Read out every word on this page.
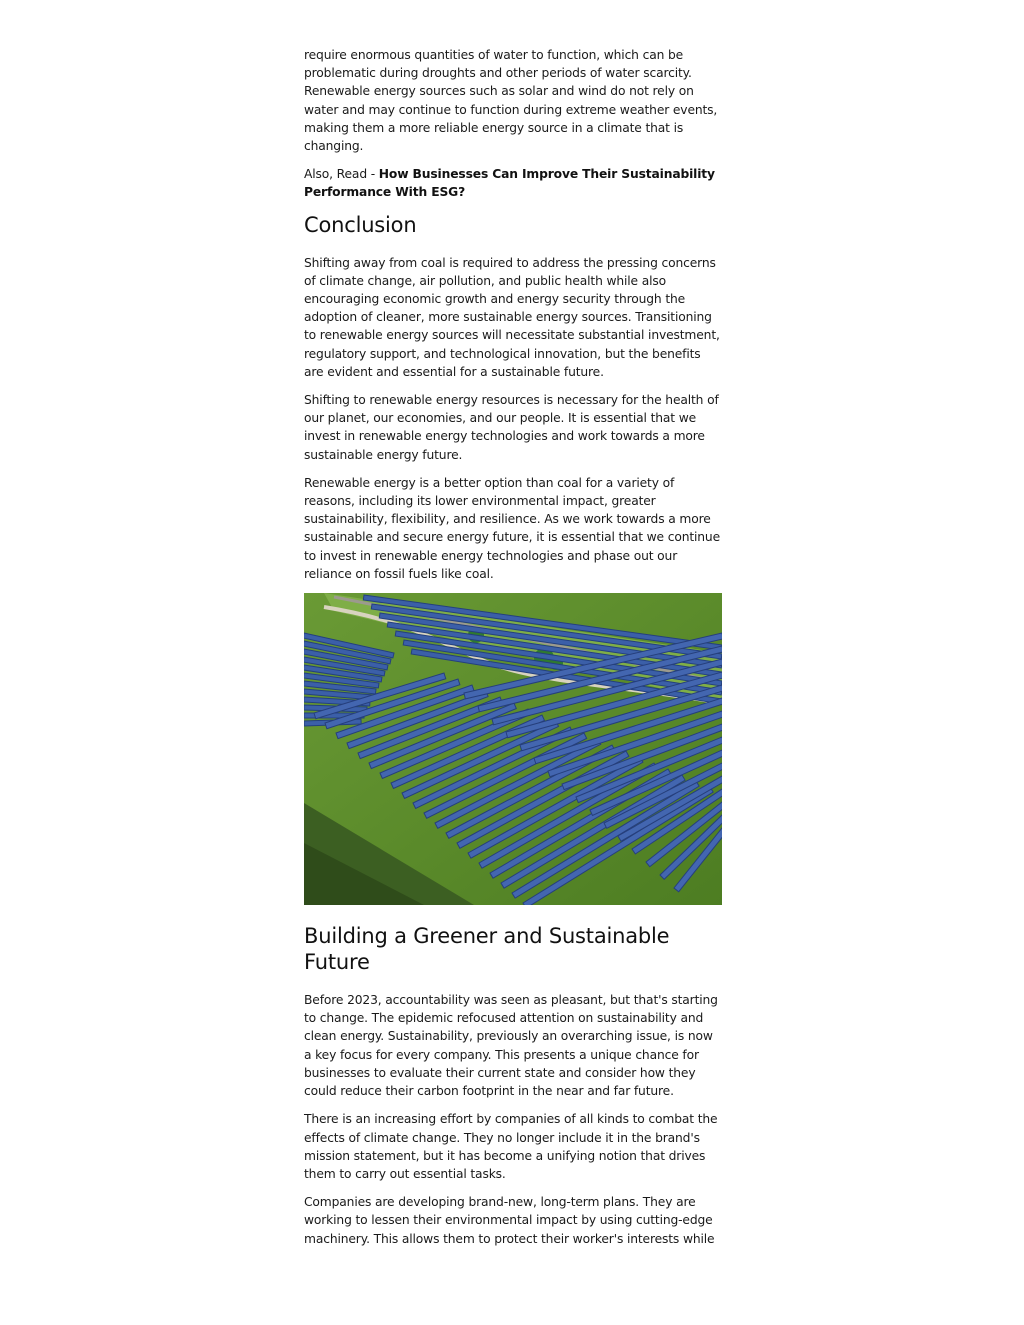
require enormous quantities of water to function, which can be problematic during droughts and other periods of water scarcity. Renewable energy sources such as solar and wind do not rely on water and may continue to function during extreme weather events, making them a more reliable energy source in a climate that is changing.

Also, Read - How Businesses Can Improve Their Sustainability Performance With ESG?

Conclusion

Shifting away from coal is required to address the pressing concerns of climate change, air pollution, and public health while also encouraging economic growth and energy security through the adoption of cleaner, more sustainable energy sources. Transitioning to renewable energy sources will necessitate substantial investment, regulatory support, and technological innovation, but the benefits are evident and essential for a sustainable future.

Shifting to renewable energy resources is necessary for the health of our planet, our economies, and our people. It is essential that we invest in renewable energy technologies and work towards a more sustainable energy future.

Renewable energy is a better option than coal for a variety of reasons, including its lower environmental impact, greater sustainability, flexibility, and resilience. As we work towards a more sustainable and secure energy future, it is essential that we continue to invest in renewable energy technologies and phase out our reliance on fossil fuels like coal.

Building a Greener and Sustainable Future

Before 2023, accountability was seen as pleasant, but that's starting to change. The epidemic refocused attention on sustainability and clean energy. Sustainability, previously an overarching issue, is now a key focus for every company. This presents a unique chance for businesses to evaluate their current state and consider how they could reduce their carbon footprint in the near and far future.

There is an increasing effort by companies of all kinds to combat the effects of climate change. They no longer include it in the brand's mission statement, but it has become a unifying notion that drives them to carry out essential tasks.

Companies are developing brand-new, long-term plans. They are working to lessen their environmental impact by using cutting-edge machinery. This allows them to protect their worker's interests while
